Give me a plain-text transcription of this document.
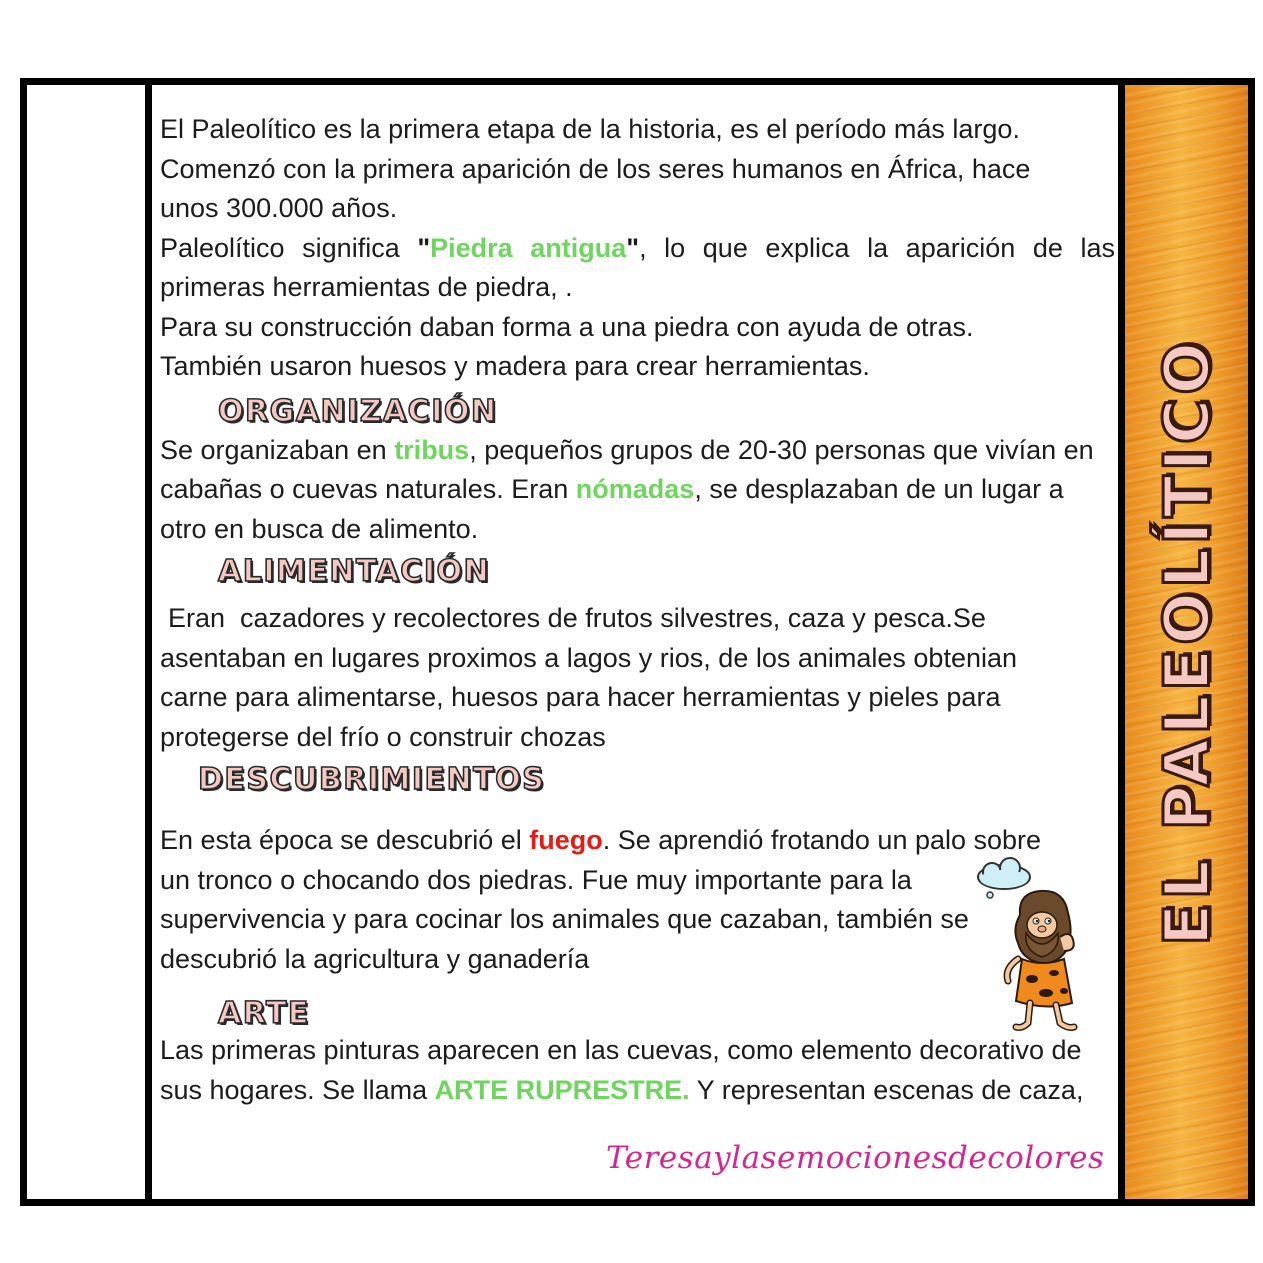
EL PALEOLÍTICO

El Paleolítico es la primera etapa de la historia, es el período más largo. Comenzó con la primera aparición de los seres humanos en África, hace unos 300.000 años.

Paleolítico significa "Piedra antigua", lo que explica la aparición de las primeras herramientas de piedra, .

Para su construcción daban forma a una piedra con ayuda de otras.

También usaron huesos y madera para crear herramientas.

ORGANIZACIÓN

Se organizaban en tribus, pequeños grupos de 20-30 personas que vivían en cabañas o cuevas naturales. Eran nómadas, se desplazaban de un lugar a otro en busca de alimento.

ALIMENTACIÓN

Eran  cazadores y recolectores de frutos silvestres, caza y pesca.Se asentaban en lugares proximos a lagos y rios, de los animales obtenian carne para alimentarse, huesos para hacer herramientas y pieles para protegerse del frío o construir chozas

DESCUBRIMIENTOS
En esta época se descubrió el fuego. Se aprendió frotando un palo sobre
un tronco o chocando dos piedras. Fue muy importante para la
supervivencia y para cocinar los animales que cazaban, también se
descubrió la agricultura y ganadería
ARTE

Las primeras pinturas aparecen en las cuevas, como elemento decorativo de sus hogares. Se llama ARTE RUPRESTRE. Y representan escenas de caza,

Teresaylasemocionesdecolores
